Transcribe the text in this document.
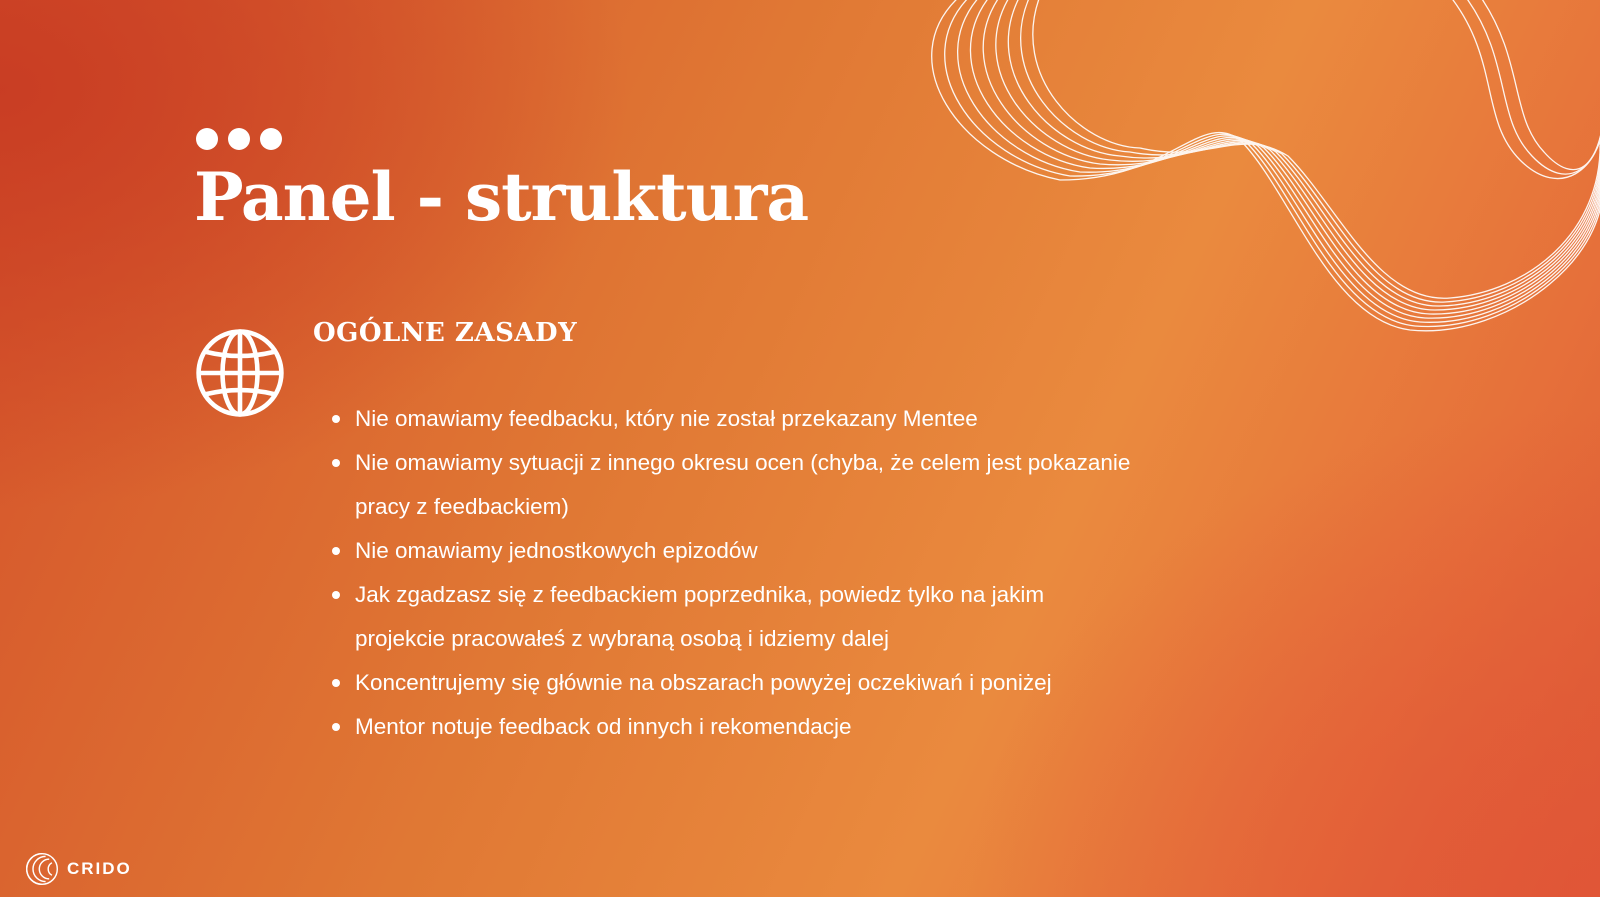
Panel - struktura
OGÓLNE ZASADY
Nie omawiamy feedbacku, który nie został przekazany Mentee
Nie omawiamy sytuacji z innego okresu ocen (chyba, że celem jest pokazanie pracy z feedbackiem)
Nie omawiamy jednostkowych epizodów
Jak zgadzasz się z feedbackiem poprzednika, powiedz tylko na jakim projekcie pracowałeś z wybraną osobą i idziemy dalej
Koncentrujemy się głównie na obszarach powyżej oczekiwań i poniżej
Mentor notuje feedback od innych i rekomendacje
CRIDO
